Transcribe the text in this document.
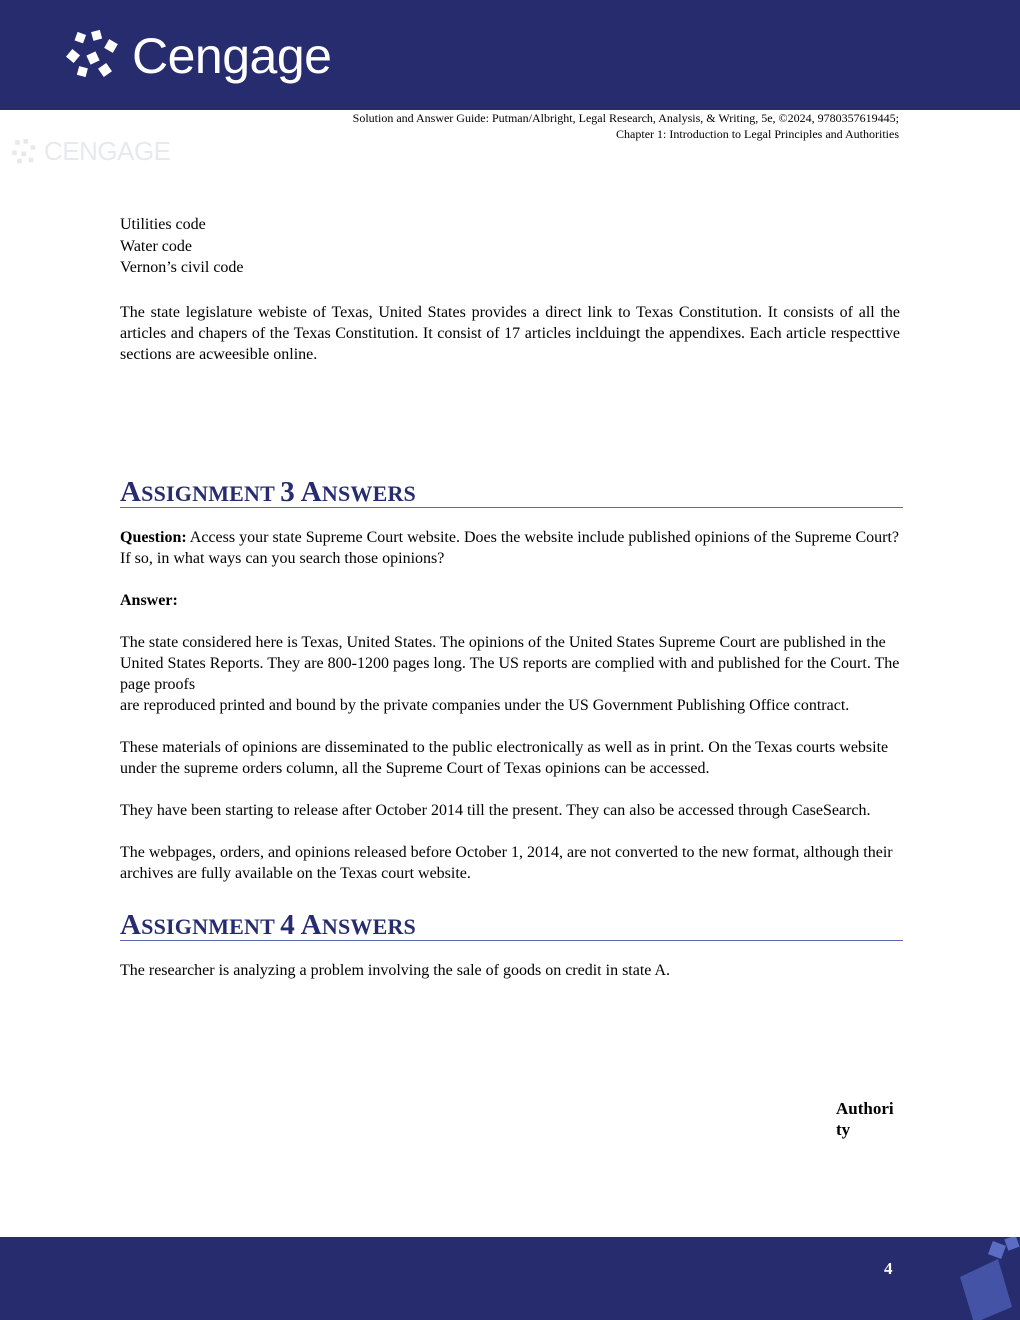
Cengage
CENGAGE
Solution and Answer Guide: Putman/Albright, Legal Research, Analysis, & Writing, 5e, ©2024, 9780357619445;
Chapter 1: Introduction to Legal Principles and Authorities
Utilities code
Water code
Vernon’s civil code

The state legislature webiste of Texas, United States provides a direct link to Texas Constitution. It consists of all the articles and chapers of the Texas Constitution. It consist of 17 articles inclduingt the appendixes. Each article respecttive sections are acweesible online.

ASSIGNMENT 3 ANSWERS

Question: Access your state Supreme Court website. Does the website include published opinions of the Supreme Court? If so, in what ways can you search those opinions?

Answer:

The state considered here is Texas, United States. The opinions of the United States Supreme Court are published in the United States Reports. They are 800-1200 pages long. The US reports are complied with and published for the Court. The page proofs

are reproduced printed and bound by the private companies under the US Government Publishing Office contract.

These materials of opinions are disseminated to the public electronically as well as in print. On the Texas courts website under the supreme orders column, all the Supreme Court of Texas opinions can be accessed.

They have been starting to release after October 2014 till the present. They can also be accessed through CaseSearch.

The webpages, orders, and opinions released before October 1, 2014, are not converted to the new format, although their archives are fully available on the Texas court website.

ASSIGNMENT 4 ANSWERS

The researcher is analyzing a problem involving the sale of goods on credit in state A.

Authori ty
4
